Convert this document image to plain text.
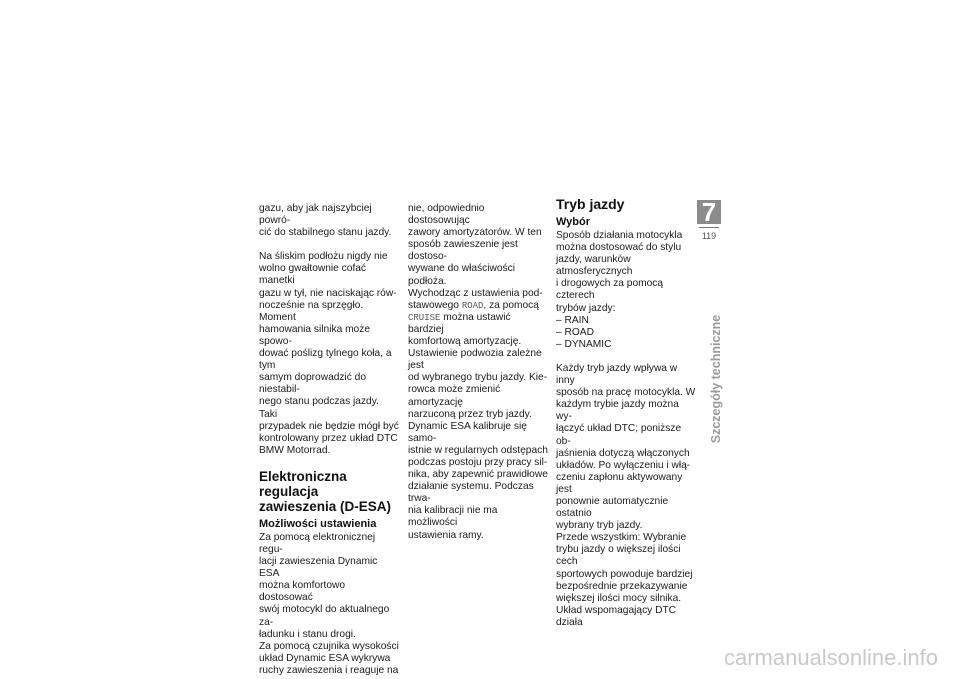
gazu, aby jak najszybciej powró-
cić do stabilnego stanu jazdy.

Na śliskim podłożu nigdy nie
wolno gwałtownie cofać manetki
gazu w tył, nie naciskając rów-
nocześnie na sprzęgło. Moment
hamowania silnika może spowo-
dować poślizg tylnego koła, a tym
samym doprowadzić do niestabil-
nego stanu podczas jazdy. Taki
przypadek nie będzie mógł być
kontrolowany przez układ DTC
BMW Motorrad.

Elektroniczna regulacja
zawieszenia (D-ESA)
Możliwości ustawienia

Za pomocą elektronicznej regu-
lacji zawieszenia Dynamic ESA
można komfortowo dostosować
swój motocykl do aktualnego za-
ładunku i stanu drogi.

Za pomocą czujnika wysokości
układ Dynamic ESA wykrywa
ruchy zawieszenia i reaguje na

nie, odpowiednio dostosowując
zawory amortyzatorów. W ten
sposób zawieszenie jest dostoso-
wywane do właściwości podłoża.
Wychodząc z ustawienia pod-
stawowego ROAD, za pomocą
CRUISE można ustawić bardziej
komfortową amortyzację.

Ustawienie podwozia zależne jest
od wybranego trybu jazdy. Kie-
rowca może zmienić amortyzację
narzuconą przez tryb jazdy.
Dynamic ESA kalibruje się samo-
istnie w regularnych odstępach
podczas postoju przy pracy sil-
nika, aby zapewnić prawidłowe
działanie systemu. Podczas trwa-
nia kalibracji nie ma możliwości
ustawienia ramy.

Tryb jazdy
Wybór

Sposób działania motocykla
można dostosować do stylu
jazdy, warunków atmosferycznych
i drogowych za pomocą czterech
trybów jazdy:

– RAIN

– ROAD

– DYNAMIC

Każdy tryb jazdy wpływa w inny
sposób na pracę motocykla. W
każdym trybie jazdy można wy-
łączyć układ DTC; poniższe ob-
jaśnienia dotyczą włączonych
układów. Po wyłączeniu i włą-
czeniu zapłonu aktywowany jest
ponownie automatycznie ostatnio
wybrany tryb jazdy.

Przede wszystkim: Wybranie
trybu jazdy o większej ilości cech
sportowych powoduje bardziej
bezpośrednie przekazywanie
większej ilości mocy silnika.

Układ wspomagający DTC działa

7
119
Szczegóły techniczne
carmanualsonline.info
